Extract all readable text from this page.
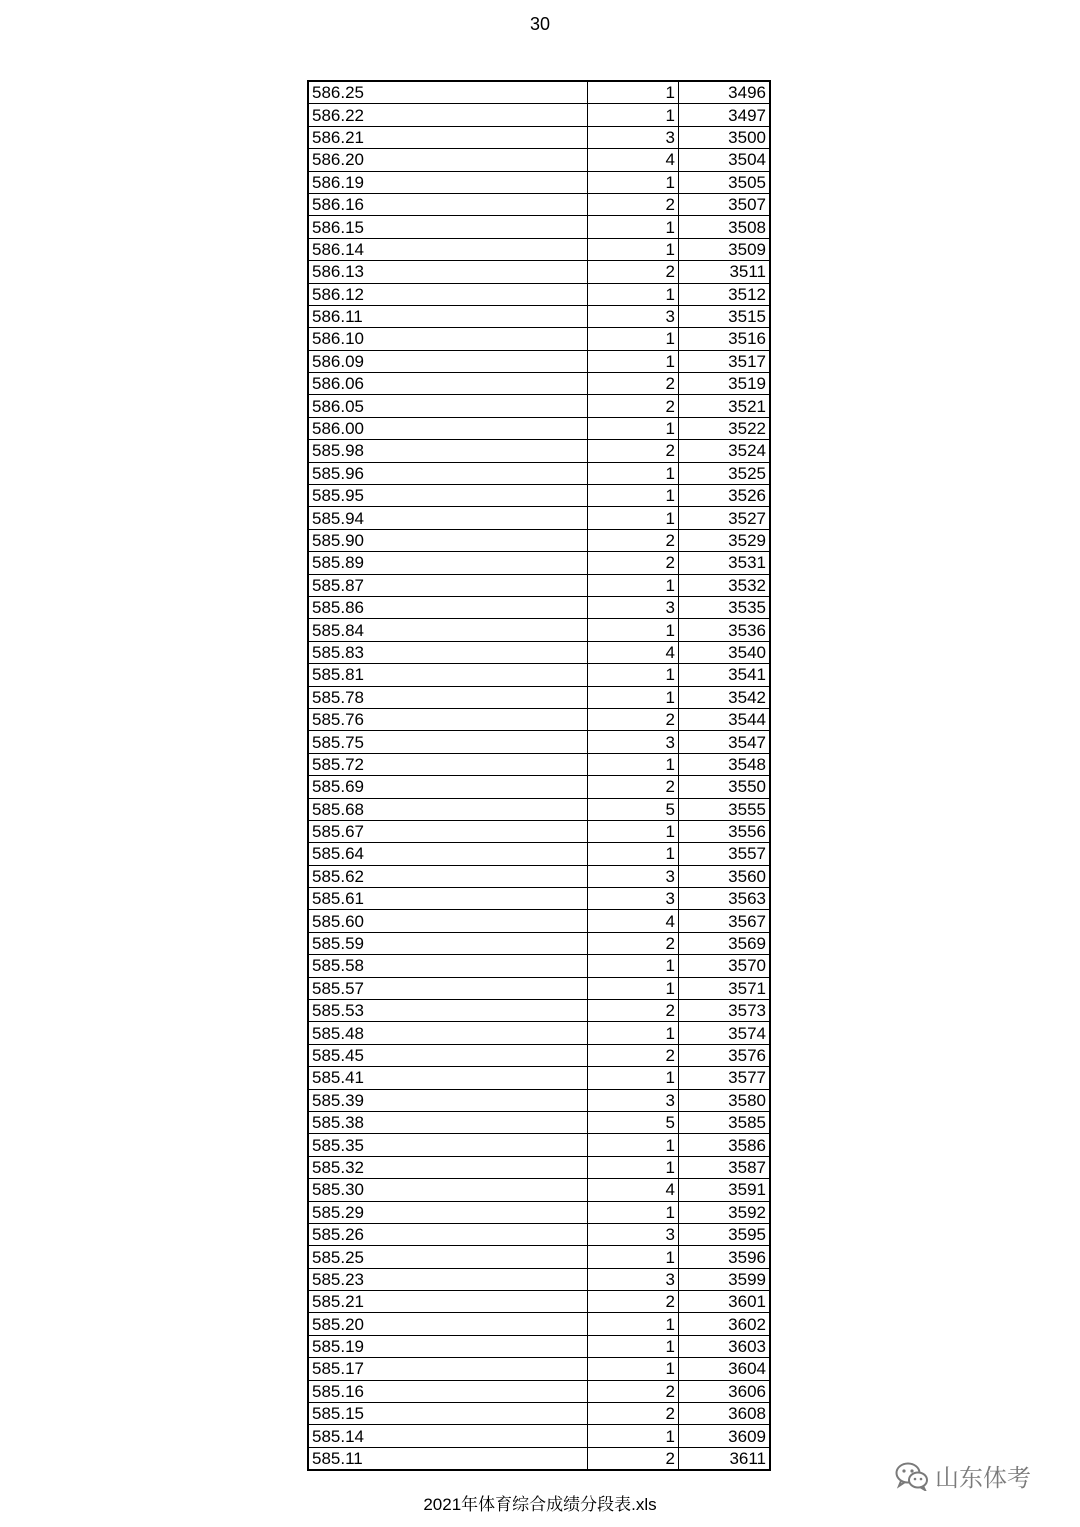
30
586.25	1	3496
586.22	1	3497
586.21	3	3500
586.20	4	3504
586.19	1	3505
586.16	2	3507
586.15	1	3508
586.14	1	3509
586.13	2	3511
586.12	1	3512
586.11	3	3515
586.10	1	3516
586.09	1	3517
586.06	2	3519
586.05	2	3521
586.00	1	3522
585.98	2	3524
585.96	1	3525
585.95	1	3526
585.94	1	3527
585.90	2	3529
585.89	2	3531
585.87	1	3532
585.86	3	3535
585.84	1	3536
585.83	4	3540
585.81	1	3541
585.78	1	3542
585.76	2	3544
585.75	3	3547
585.72	1	3548
585.69	2	3550
585.68	5	3555
585.67	1	3556
585.64	1	3557
585.62	3	3560
585.61	3	3563
585.60	4	3567
585.59	2	3569
585.58	1	3570
585.57	1	3571
585.53	2	3573
585.48	1	3574
585.45	2	3576
585.41	1	3577
585.39	3	3580
585.38	5	3585
585.35	1	3586
585.32	1	3587
585.30	4	3591
585.29	1	3592
585.26	3	3595
585.25	1	3596
585.23	3	3599
585.21	2	3601
585.20	1	3602
585.19	1	3603
585.17	1	3604
585.16	2	3606
585.15	2	3608
585.14	1	3609
585.11	2	3611
2021年体育综合成绩分段表.xls
山东体考
